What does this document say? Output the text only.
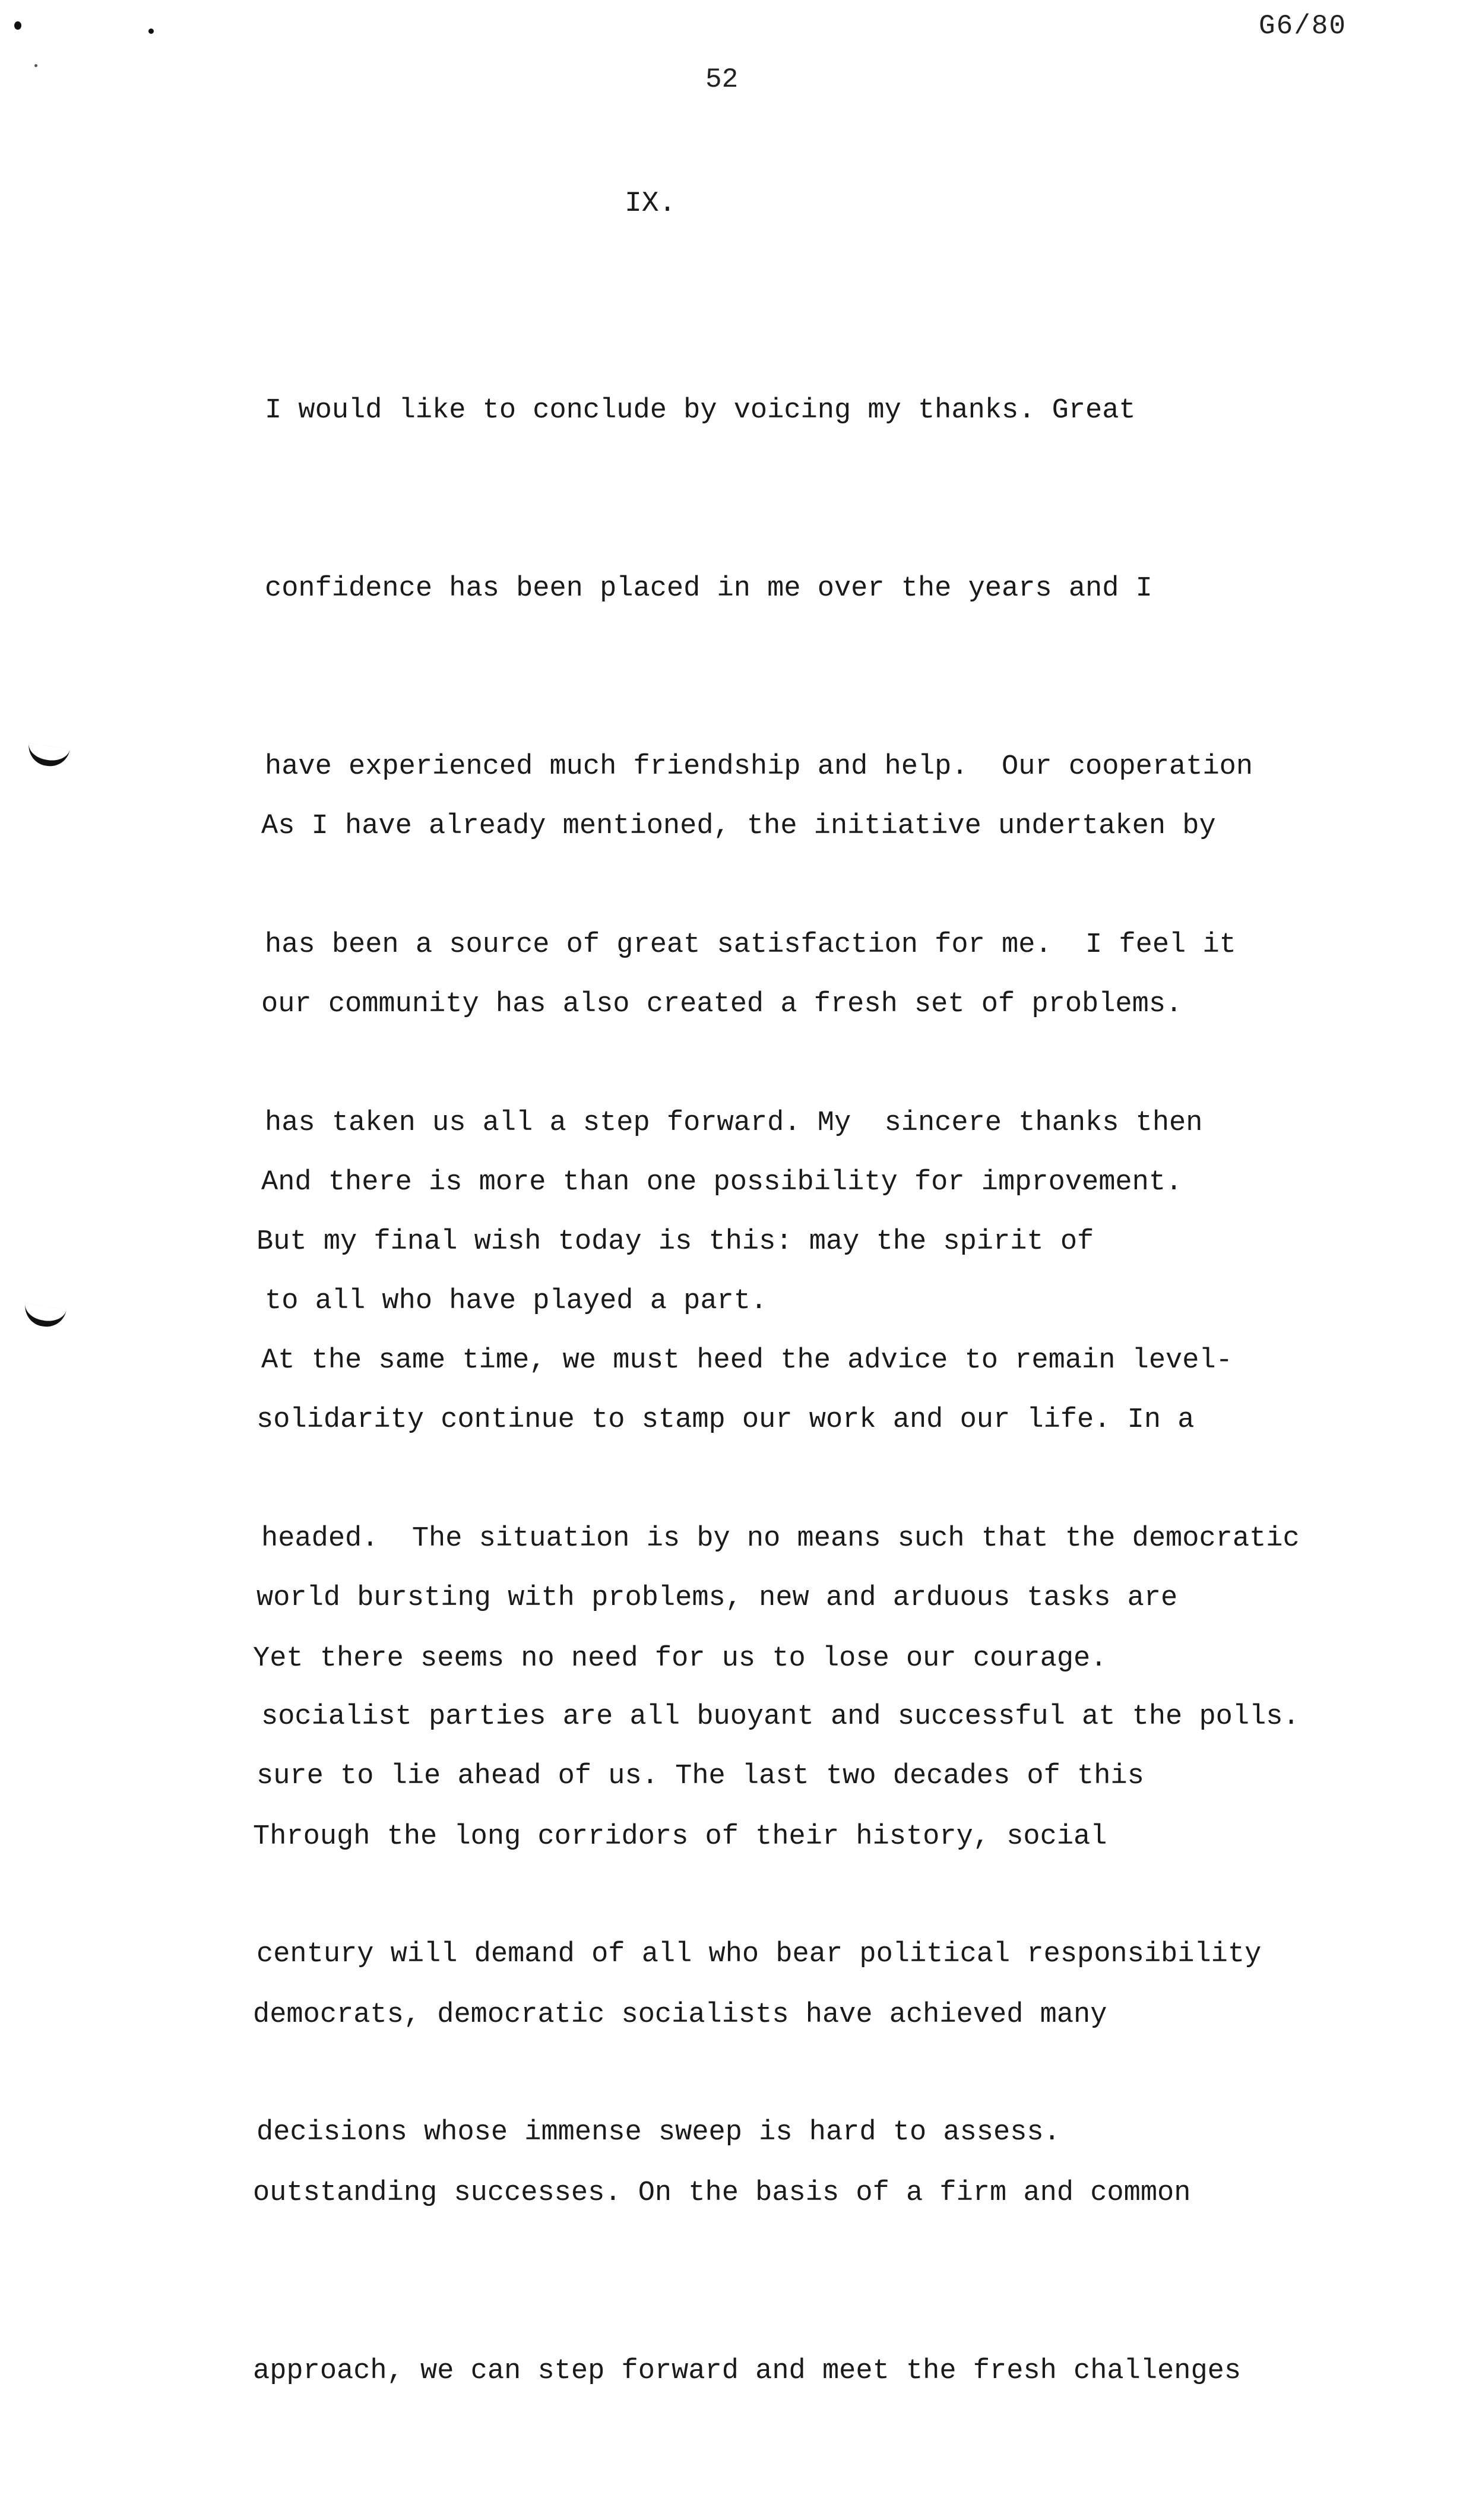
G6/80
52
IX.

I would like to conclude by voicing my thanks. Great

confidence has been placed in me over the years and I

have experienced much friendship and help.  Our cooperation

has been a source of great satisfaction for me.  I feel it

has taken us all a step forward. My  sincere thanks then

to all who have played a part.

As I have already mentioned, the initiative undertaken by

our community has also created a fresh set of problems.

And there is more than one possibility for improvement.

At the same time, we must heed the advice to remain level-

headed.  The situation is by no means such that the democratic

socialist parties are all buoyant and successful at the polls.

But my final wish today is this: may the spirit of

solidarity continue to stamp our work and our life. In a

world bursting with problems, new and arduous tasks are

sure to lie ahead of us. The last two decades of this

century will demand of all who bear political responsibility

decisions whose immense sweep is hard to assess.

Yet there seems no need for us to lose our courage.

Through the long corridors of their history, social

democrats, democratic socialists have achieved many

outstanding successes. On the basis of a firm and common

approach, we can step forward and meet the fresh challenges
